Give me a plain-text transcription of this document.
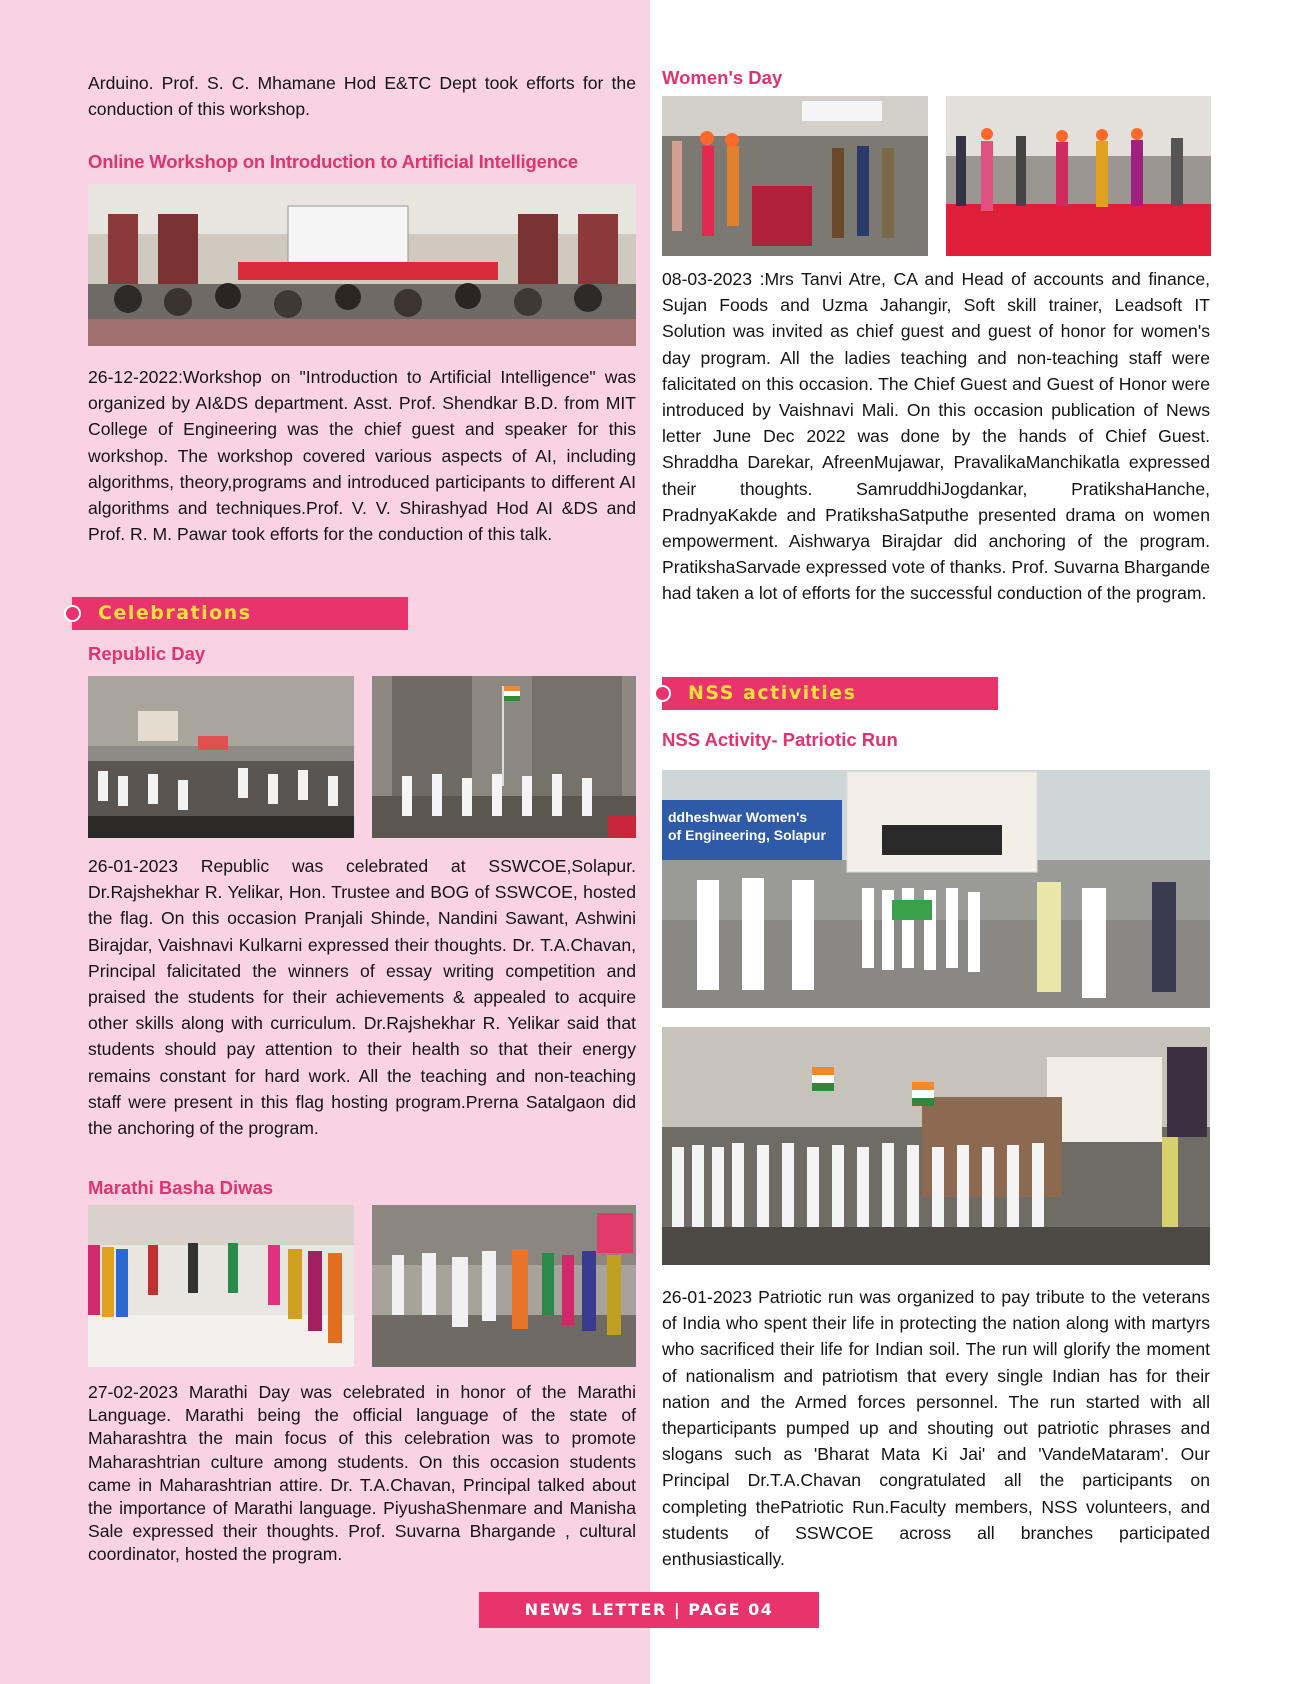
Arduino. Prof. S. C. Mhamane Hod E&TC Dept took efforts for the conduction of this workshop.

Online Workshop on Introduction to Artificial Intelligence

26-12-2022:Workshop on "Introduction to Artificial Intelligence" was organized by AI&DS department. Asst. Prof. Shendkar B.D. from MIT College of Engineering was the chief guest and speaker for this workshop. The workshop covered various aspects of AI, including algorithms, theory,programs and introduced participants to different AI algorithms and techniques.Prof. V. V. Shirashyad Hod AI &DS and Prof. R. M. Pawar took efforts for the conduction of this talk.

Celebrations

Republic Day

26-01-2023 Republic was celebrated at SSWCOE,Solapur. Dr.Rajshekhar R. Yelikar, Hon. Trustee and BOG of SSWCOE, hosted the flag. On this occasion Pranjali Shinde, Nandini Sawant, Ashwini Birajdar, Vaishnavi Kulkarni expressed their thoughts. Dr. T.A.Chavan, Principal falicitated the winners of essay writing competition and praised the students for their achievements & appealed to acquire other skills along with curriculum. Dr.Rajshekhar R. Yelikar said that students should pay attention to their health so that their energy remains constant for hard work. All the teaching and non-teaching staff were present in this flag hosting program.Prerna Satalgaon did the anchoring of the program.

Marathi Basha Diwas

27-02-2023 Marathi Day was celebrated in honor of the Marathi Language. Marathi being the official language of the state of Maharashtra the main focus of this celebration was to promote Maharashtrian culture among students. On this occasion students came in Maharashtrian attire. Dr. T.A.Chavan, Principal talked about the importance of Marathi language. PiyushaShenmare and Manisha Sale expressed their thoughts. Prof. Suvarna Bhargande , cultural coordinator, hosted the program.

Women's Day

08-03-2023 :Mrs Tanvi Atre, CA and Head of accounts and finance, Sujan Foods and Uzma Jahangir, Soft skill trainer, Leadsoft IT Solution was invited as chief guest and guest of honor for women's day program. All the ladies teaching and non-teaching staff were falicitated on this occasion. The Chief Guest and Guest of Honor were introduced by Vaishnavi Mali. On this occasion publication of News letter June Dec 2022 was done by the hands of Chief Guest. Shraddha Darekar, AfreenMujawar, PravalikaManchikatla expressed their thoughts. SamruddhiJogdankar, PratikshaHanche, PradnyaKakde and PratikshaSatputhe presented drama on women empowerment. Aishwarya Birajdar did anchoring of the program. PratikshaSarvade expressed vote of thanks. Prof. Suvarna Bhargande had taken a lot of efforts for the successful conduction of the program.

NSS activities

NSS Activity- Patriotic Run

ddheshwar Women's
of Engineering, Solapur

26-01-2023 Patriotic run was organized to pay tribute to the veterans of India who spent their life in protecting the nation along with martyrs who sacrificed their life for Indian soil. The run will glorify the moment of nationalism and patriotism that every single Indian has for their nation and the Armed forces personnel. The run started with all theparticipants pumped up and shouting out patriotic phrases and slogans such as 'Bharat Mata Ki Jai' and 'VandeMataram'. Our Principal Dr.T.A.Chavan congratulated all the participants on completing thePatriotic Run.Faculty members, NSS volunteers, and students of SSWCOE across all branches participated enthusiastically.

NEWS LETTER | PAGE 04
